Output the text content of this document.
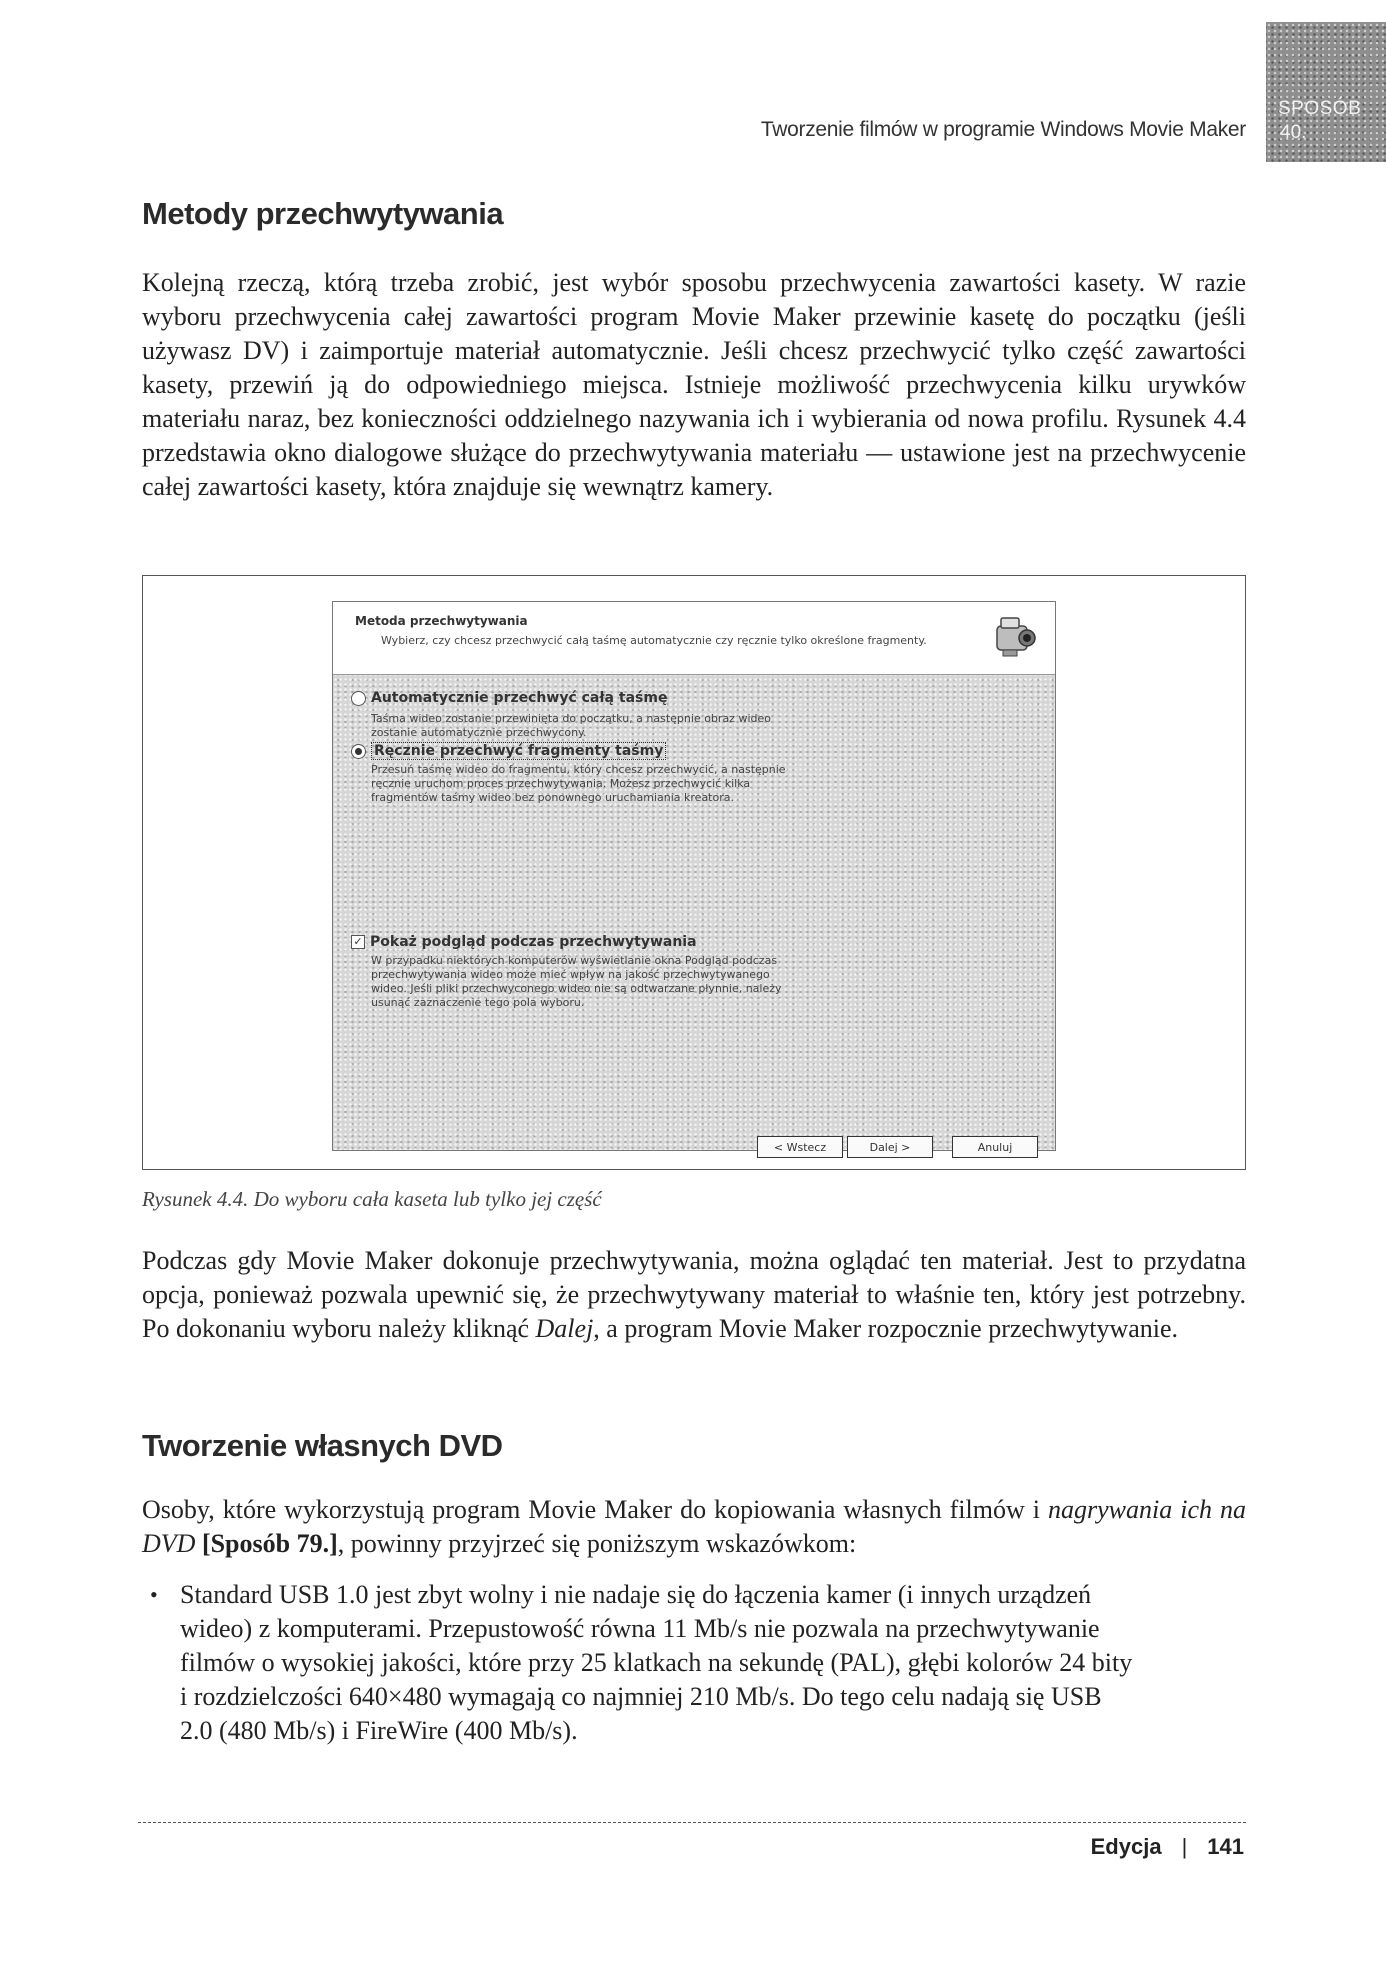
Tworzenie filmów w programie Windows Movie Maker
SPOSÓB
40.
Metody przechwytywania

Kolejną rzeczą, którą trzeba zrobić, jest wybór sposobu przechwycenia zawartości kasety. W razie wyboru przechwycenia całej zawartości program Movie Maker przewinie kasetę do początku (jeśli używasz DV) i zaimportuje materiał automatycznie. Jeśli chcesz przechwycić tylko część zawartości kasety, przewiń ją do odpowiedniego miejsca. Istnieje możliwość przechwycenia kilku urywków materiału naraz, bez konieczności oddzielnego nazywania ich i wybierania od nowa profilu. Rysunek 4.4 przedstawia okno dialogowe służące do przechwytywania materiału — ustawione jest na przechwycenie całej zawartości kasety, która znajduje się wewnątrz kamery.

Metoda przechwytywania
Wybierz, czy chcesz przechwycić całą taśmę automatycznie czy ręcznie tylko określone fragmenty.
Automatycznie przechwyć całą taśmę
Taśma wideo zostanie przewinięta do początku, a następnie obraz wideo
zostanie automatycznie przechwycony.
Ręcznie przechwyć fragmenty taśmy
Przesuń taśmę wideo do fragmentu, który chcesz przechwycić, a następnie
ręcznie uruchom proces przechwytywania. Możesz przechwycić kilka
fragmentów taśmy wideo bez ponownego uruchamiania kreatora.
✓ Pokaż podgląd podczas przechwytywania
W przypadku niektórych komputerów wyświetlanie okna Podgląd podczas
przechwytywania wideo może mieć wpływ na jakość przechwytywanego
wideo. Jeśli pliki przechwyconego wideo nie są odtwarzane płynnie, należy
usunąć zaznaczenie tego pola wyboru.
< Wstecz	Dalej >	Anuluj
Rysunek 4.4. Do wyboru cała kaseta lub tylko jej część

Podczas gdy Movie Maker dokonuje przechwytywania, można oglądać ten materiał. Jest to przydatna opcja, ponieważ pozwala upewnić się, że przechwytywany materiał to właśnie ten, który jest potrzebny. Po dokonaniu wyboru należy kliknąć Dalej, a program Movie Maker rozpocznie przechwytywanie.

Tworzenie własnych DVD

Osoby, które wykorzystują program Movie Maker do kopiowania własnych filmów i nagrywania ich na DVD [Sposób 79.], powinny przyjrzeć się poniższym wskazówkom:

• Standard USB 1.0 jest zbyt wolny i nie nadaje się do łączenia kamer (i innych urządzeń wideo) z komputerami. Przepustowość równa 11 Mb/s nie pozwala na przechwytywanie filmów o wysokiej jakości, które przy 25 klatkach na sekundę (PAL), głębi kolorów 24 bity i rozdzielczości 640×480 wymagają co najmniej 210 Mb/s. Do tego celu nadają się USB 2.0 (480 Mb/s) i FireWire (400 Mb/s).
Edycja | 141
